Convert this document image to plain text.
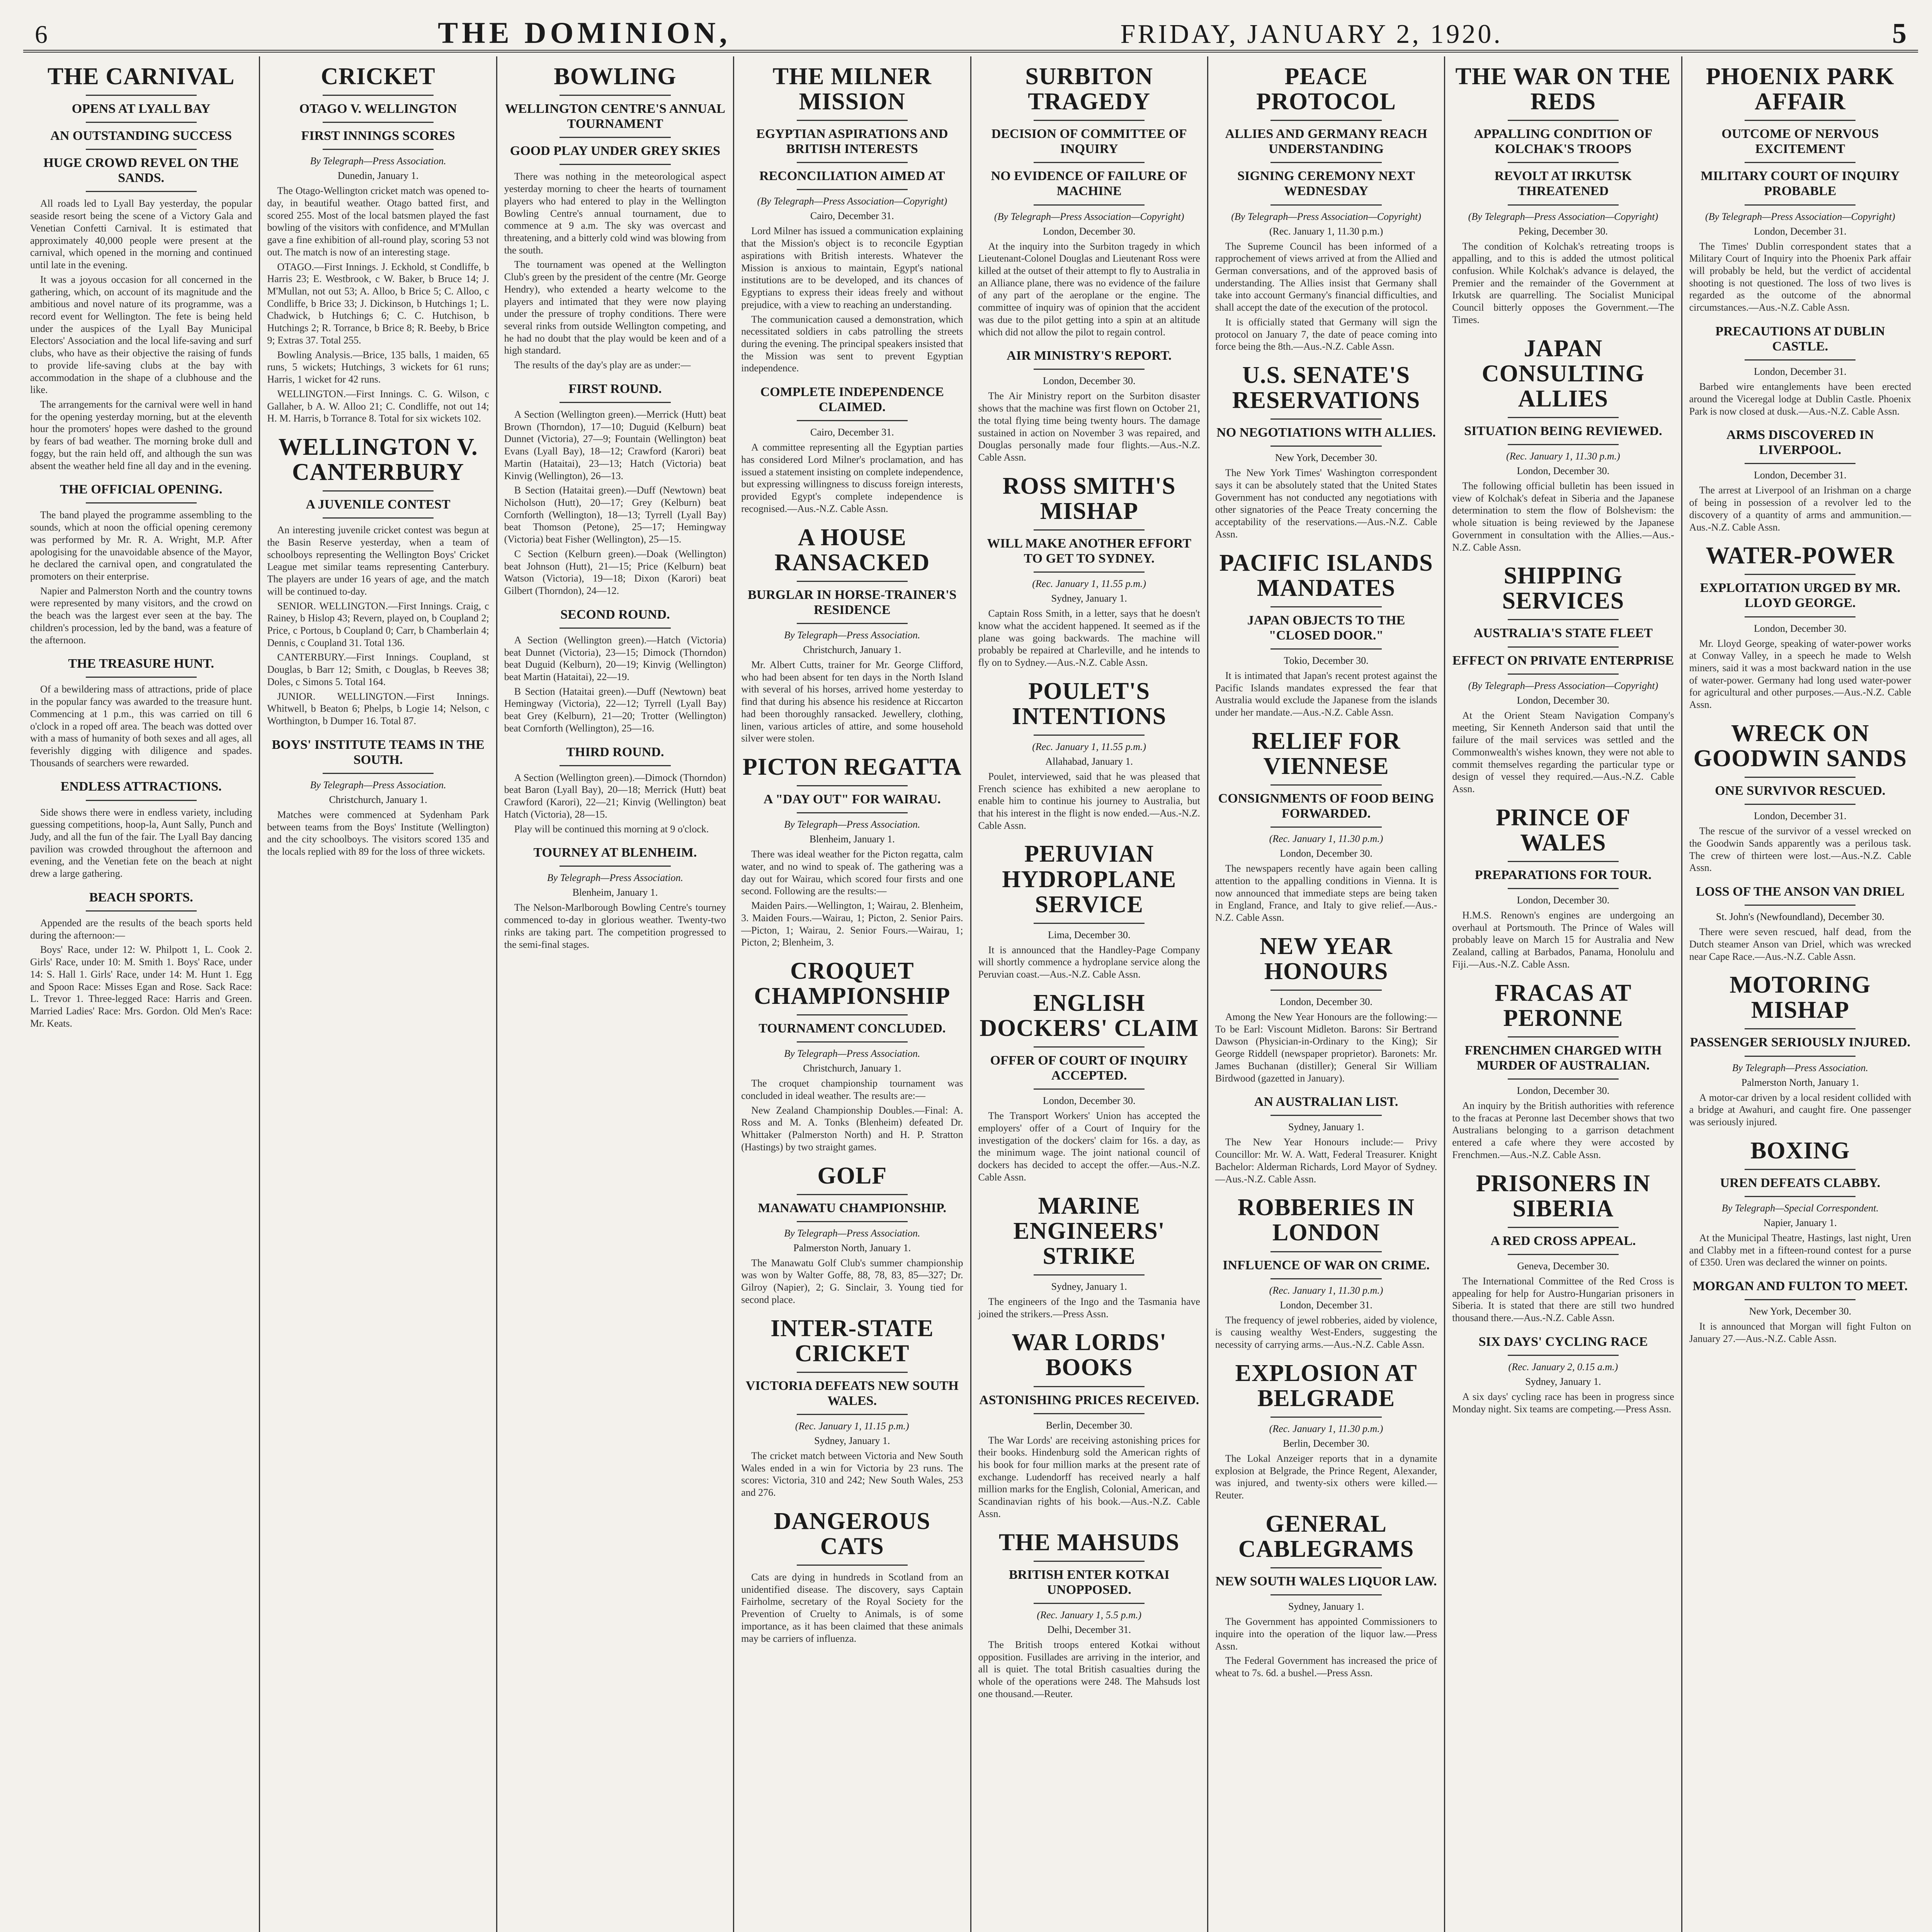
6	THE DOMINION,	FRIDAY, JANUARY 2, 1920.	5
THE CARNIVAL
OPENS AT LYALL BAY
AN OUTSTANDING SUCCESS
HUGE CROWD REVEL ON THE SANDS.

All roads led to Lyall Bay yesterday, the popular seaside resort being the scene of a Victory Gala and Venetian Confetti Carnival. It is estimated that approximately 40,000 people were present at the carnival, which opened in the morning and continued until late in the evening.

It was a joyous occasion for all concerned in the gathering, which, on account of its magnitude and the ambitious and novel nature of its programme, was a record event for Wellington. The fete is being held under the auspices of the Lyall Bay Municipal Electors' Association and the local life-saving and surf clubs, who have as their objective the raising of funds to provide life-saving clubs at the bay with accommodation in the shape of a clubhouse and the like.

The arrangements for the carnival were well in hand for the opening yesterday morning, but at the eleventh hour the promoters' hopes were dashed to the ground by fears of bad weather. The morning broke dull and foggy, but the rain held off, and although the sun was absent the weather held fine all day and in the evening.

THE OFFICIAL OPENING.

The band played the programme assembling to the sounds, which at noon the official opening ceremony was performed by Mr. R. A. Wright, M.P. After apologising for the unavoidable absence of the Mayor, he declared the carnival open, and congratulated the promoters on their enterprise.

Napier and Palmerston North and the country towns were represented by many visitors, and the crowd on the beach was the largest ever seen at the bay. The children's procession, led by the band, was a feature of the afternoon.

THE TREASURE HUNT.

Of a bewildering mass of attractions, pride of place in the popular fancy was awarded to the treasure hunt. Commencing at 1 p.m., this was carried on till 6 o'clock in a roped off area. The beach was dotted over with a mass of humanity of both sexes and all ages, all feverishly digging with diligence and spades. Thousands of searchers were rewarded.

ENDLESS ATTRACTIONS.

Side shows there were in endless variety, including guessing competitions, hoop-la, Aunt Sally, Punch and Judy, and all the fun of the fair. The Lyall Bay dancing pavilion was crowded throughout the afternoon and evening, and the Venetian fete on the beach at night drew a large gathering.

BEACH SPORTS.

Appended are the results of the beach sports held during the afternoon:—

Boys' Race, under 12: W. Philpott 1, L. Cook 2. Girls' Race, under 10: M. Smith 1. Boys' Race, under 14: S. Hall 1. Girls' Race, under 14: M. Hunt 1. Egg and Spoon Race: Misses Egan and Rose. Sack Race: L. Trevor 1. Three-legged Race: Harris and Green. Married Ladies' Race: Mrs. Gordon. Old Men's Race: Mr. Keats.

CRICKET
OTAGO V. WELLINGTON
FIRST INNINGS SCORES
By Telegraph—Press Association.
Dunedin, January 1.

The Otago-Wellington cricket match was opened to-day, in beautiful weather. Otago batted first, and scored 255. Most of the local batsmen played the fast bowling of the visitors with confidence, and M'Mullan gave a fine exhibition of all-round play, scoring 53 not out. The match is now of an interesting stage.

OTAGO.—First Innings. J. Eckhold, st Condliffe, b Harris 23; E. Westbrook, c W. Baker, b Bruce 14; J. M'Mullan, not out 53; A. Alloo, b Brice 5; C. Alloo, c Condliffe, b Brice 33; J. Dickinson, b Hutchings 1; L. Chadwick, b Hutchings 6; C. C. Hutchison, b Hutchings 2; R. Torrance, b Brice 8; R. Beeby, b Brice 9; Extras 37. Total 255.

Bowling Analysis.—Brice, 135 balls, 1 maiden, 65 runs, 5 wickets; Hutchings, 3 wickets for 61 runs; Harris, 1 wicket for 42 runs.

WELLINGTON.—First Innings. C. G. Wilson, c Gallaher, b A. W. Alloo 21; C. Condliffe, not out 14; H. M. Harris, b Torrance 8. Total for six wickets 102.

WELLINGTON V. CANTERBURY
A JUVENILE CONTEST

An interesting juvenile cricket contest was begun at the Basin Reserve yesterday, when a team of schoolboys representing the Wellington Boys' Cricket League met similar teams representing Canterbury. The players are under 16 years of age, and the match will be continued to-day.

SENIOR. WELLINGTON.—First Innings. Craig, c Rainey, b Hislop 43; Revern, played on, b Coupland 2; Price, c Portous, b Coupland 0; Carr, b Chamberlain 4; Dennis, c Coupland 31. Total 136.

CANTERBURY.—First Innings. Coupland, st Douglas, b Barr 12; Smith, c Douglas, b Reeves 38; Doles, c Simons 5. Total 164.

JUNIOR. WELLINGTON.—First Innings. Whitwell, b Beaton 6; Phelps, b Logie 14; Nelson, c Worthington, b Dumper 16. Total 87.

BOYS' INSTITUTE TEAMS IN THE SOUTH.
By Telegraph—Press Association.
Christchurch, January 1.

Matches were commenced at Sydenham Park between teams from the Boys' Institute (Wellington) and the city schoolboys. The visitors scored 135 and the locals replied with 89 for the loss of three wickets.

BOWLING
WELLINGTON CENTRE'S ANNUAL TOURNAMENT
GOOD PLAY UNDER GREY SKIES

There was nothing in the meteorological aspect yesterday morning to cheer the hearts of tournament players who had entered to play in the Wellington Bowling Centre's annual tournament, due to commence at 9 a.m. The sky was overcast and threatening, and a bitterly cold wind was blowing from the south.

The tournament was opened at the Wellington Club's green by the president of the centre (Mr. George Hendry), who extended a hearty welcome to the players and intimated that they were now playing under the pressure of trophy conditions. There were several rinks from outside Wellington competing, and he had no doubt that the play would be keen and of a high standard.

The results of the day's play are as under:—

FIRST ROUND.

A Section (Wellington green).—Merrick (Hutt) beat Brown (Thorndon), 17—10; Duguid (Kelburn) beat Dunnet (Victoria), 27—9; Fountain (Wellington) beat Evans (Lyall Bay), 18—12; Crawford (Karori) beat Martin (Hataitai), 23—13; Hatch (Victoria) beat Kinvig (Wellington), 26—13.

B Section (Hataitai green).—Duff (Newtown) beat Nicholson (Hutt), 20—17; Grey (Kelburn) beat Cornforth (Wellington), 18—13; Tyrrell (Lyall Bay) beat Thomson (Petone), 25—17; Hemingway (Victoria) beat Fisher (Wellington), 25—15.

C Section (Kelburn green).—Doak (Wellington) beat Johnson (Hutt), 21—15; Price (Kelburn) beat Watson (Victoria), 19—18; Dixon (Karori) beat Gilbert (Thorndon), 24—12.

SECOND ROUND.

A Section (Wellington green).—Hatch (Victoria) beat Dunnet (Victoria), 23—15; Dimock (Thorndon) beat Duguid (Kelburn), 20—19; Kinvig (Wellington) beat Martin (Hataitai), 22—19.

B Section (Hataitai green).—Duff (Newtown) beat Hemingway (Victoria), 22—12; Tyrrell (Lyall Bay) beat Grey (Kelburn), 21—20; Trotter (Wellington) beat Cornforth (Wellington), 25—16.

THIRD ROUND.

A Section (Wellington green).—Dimock (Thorndon) beat Baron (Lyall Bay), 20—18; Merrick (Hutt) beat Crawford (Karori), 22—21; Kinvig (Wellington) beat Hatch (Victoria), 28—15.

Play will be continued this morning at 9 o'clock.

TOURNEY AT BLENHEIM.
By Telegraph—Press Association.
Blenheim, January 1.

The Nelson-Marlborough Bowling Centre's tourney commenced to-day in glorious weather. Twenty-two rinks are taking part. The competition progressed to the semi-final stages.

THE MILNER MISSION
EGYPTIAN ASPIRATIONS AND BRITISH INTERESTS
RECONCILIATION AIMED AT
(By Telegraph—Press Association—Copyright)
Cairo, December 31.

Lord Milner has issued a communication explaining that the Mission's object is to reconcile Egyptian aspirations with British interests. Whatever the Mission is anxious to maintain, Egypt's national institutions are to be developed, and its chances of Egyptians to express their ideas freely and without prejudice, with a view to reaching an understanding.

The communication caused a demonstration, which necessitated soldiers in cabs patrolling the streets during the evening. The principal speakers insisted that the Mission was sent to prevent Egyptian independence.

COMPLETE INDEPENDENCE CLAIMED.
Cairo, December 31.

A committee representing all the Egyptian parties has considered Lord Milner's proclamation, and has issued a statement insisting on complete independence, but expressing willingness to discuss foreign interests, provided Egypt's complete independence is recognised.—Aus.-N.Z. Cable Assn.

A HOUSE RANSACKED
BURGLAR IN HORSE-TRAINER'S RESIDENCE
By Telegraph—Press Association.
Christchurch, January 1.

Mr. Albert Cutts, trainer for Mr. George Clifford, who had been absent for ten days in the North Island with several of his horses, arrived home yesterday to find that during his absence his residence at Riccarton had been thoroughly ransacked. Jewellery, clothing, linen, various articles of attire, and some household silver were stolen.

PICTON REGATTA
A "DAY OUT" FOR WAIRAU.
By Telegraph—Press Association.
Blenheim, January 1.

There was ideal weather for the Picton regatta, calm water, and no wind to speak of. The gathering was a day out for Wairau, which scored four firsts and one second. Following are the results:—

Maiden Pairs.—Wellington, 1; Wairau, 2. Blenheim, 3. Maiden Fours.—Wairau, 1; Picton, 2. Senior Pairs.—Picton, 1; Wairau, 2. Senior Fours.—Wairau, 1; Picton, 2; Blenheim, 3.

CROQUET CHAMPIONSHIP
TOURNAMENT CONCLUDED.
By Telegraph—Press Association.
Christchurch, January 1.

The croquet championship tournament was concluded in ideal weather. The results are:—

New Zealand Championship Doubles.—Final: A. Ross and M. A. Tonks (Blenheim) defeated Dr. Whittaker (Palmerston North) and H. P. Stratton (Hastings) by two straight games.

GOLF
MANAWATU CHAMPIONSHIP.
By Telegraph—Press Association.
Palmerston North, January 1.

The Manawatu Golf Club's summer championship was won by Walter Goffe, 88, 78, 83, 85—327; Dr. Gilroy (Napier), 2; G. Sinclair, 3. Young tied for second place.

INTER-STATE CRICKET
VICTORIA DEFEATS NEW SOUTH WALES.
(Rec. January 1, 11.15 p.m.)
Sydney, January 1.

The cricket match between Victoria and New South Wales ended in a win for Victoria by 23 runs. The scores: Victoria, 310 and 242; New South Wales, 253 and 276.

DANGEROUS CATS

Cats are dying in hundreds in Scotland from an unidentified disease. The discovery, says Captain Fairholme, secretary of the Royal Society for the Prevention of Cruelty to Animals, is of some importance, as it has been claimed that these animals may be carriers of influenza.

SURBITON TRAGEDY
DECISION OF COMMITTEE OF INQUIRY
NO EVIDENCE OF FAILURE OF MACHINE
(By Telegraph—Press Association—Copyright)
London, December 30.

At the inquiry into the Surbiton tragedy in which Lieutenant-Colonel Douglas and Lieutenant Ross were killed at the outset of their attempt to fly to Australia in an Alliance plane, there was no evidence of the failure of any part of the aeroplane or the engine. The committee of inquiry was of opinion that the accident was due to the pilot getting into a spin at an altitude which did not allow the pilot to regain control.

AIR MINISTRY'S REPORT.
London, December 30.

The Air Ministry report on the Surbiton disaster shows that the machine was first flown on October 21, the total flying time being twenty hours. The damage sustained in action on November 3 was repaired, and Douglas personally made four flights.—Aus.-N.Z. Cable Assn.

ROSS SMITH'S MISHAP
WILL MAKE ANOTHER EFFORT TO GET TO SYDNEY.
(Rec. January 1, 11.55 p.m.)
Sydney, January 1.

Captain Ross Smith, in a letter, says that he doesn't know what the accident happened. It seemed as if the plane was going backwards. The machine will probably be repaired at Charleville, and he intends to fly on to Sydney.—Aus.-N.Z. Cable Assn.

POULET'S INTENTIONS
(Rec. January 1, 11.55 p.m.)
Allahabad, January 1.

Poulet, interviewed, said that he was pleased that French science has exhibited a new aeroplane to enable him to continue his journey to Australia, but that his interest in the flight is now ended.—Aus.-N.Z. Cable Assn.

PERUVIAN HYDROPLANE SERVICE
Lima, December 30.

It is announced that the Handley-Page Company will shortly commence a hydroplane service along the Peruvian coast.—Aus.-N.Z. Cable Assn.

ENGLISH DOCKERS' CLAIM
OFFER OF COURT OF INQUIRY ACCEPTED.
London, December 30.

The Transport Workers' Union has accepted the employers' offer of a Court of Inquiry for the investigation of the dockers' claim for 16s. a day, as the minimum wage. The joint national council of dockers has decided to accept the offer.—Aus.-N.Z. Cable Assn.

MARINE ENGINEERS' STRIKE
Sydney, January 1.

The engineers of the Ingo and the Tasmania have joined the strikers.—Press Assn.

WAR LORDS' BOOKS
ASTONISHING PRICES RECEIVED.
Berlin, December 30.

The War Lords' are receiving astonishing prices for their books. Hindenburg sold the American rights of his book for four million marks at the present rate of exchange. Ludendorff has received nearly a half million marks for the English, Colonial, American, and Scandinavian rights of his book.—Aus.-N.Z. Cable Assn.

THE MAHSUDS
BRITISH ENTER KOTKAI UNOPPOSED.
(Rec. January 1, 5.5 p.m.)
Delhi, December 31.

The British troops entered Kotkai without opposition. Fusillades are arriving in the interior, and all is quiet. The total British casualties during the whole of the operations were 248. The Mahsuds lost one thousand.—Reuter.

PEACE PROTOCOL
ALLIES AND GERMANY REACH UNDERSTANDING
SIGNING CEREMONY NEXT WEDNESDAY
(By Telegraph—Press Association—Copyright)
(Rec. January 1, 11.30 p.m.)

The Supreme Council has been informed of a rapprochement of views arrived at from the Allied and German conversations, and of the approved basis of understanding. The Allies insist that Germany shall take into account Germany's financial difficulties, and shall accept the date of the execution of the protocol.

It is officially stated that Germany will sign the protocol on January 7, the date of peace coming into force being the 8th.—Aus.-N.Z. Cable Assn.

U.S. SENATE'S RESERVATIONS
NO NEGOTIATIONS WITH ALLIES.
New York, December 30.

The New York Times' Washington correspondent says it can be absolutely stated that the United States Government has not conducted any negotiations with other signatories of the Peace Treaty concerning the acceptability of the reservations.—Aus.-N.Z. Cable Assn.

PACIFIC ISLANDS MANDATES
JAPAN OBJECTS TO THE "CLOSED DOOR."
Tokio, December 30.

It is intimated that Japan's recent protest against the Pacific Islands mandates expressed the fear that Australia would exclude the Japanese from the islands under her mandate.—Aus.-N.Z. Cable Assn.

RELIEF FOR VIENNESE
CONSIGNMENTS OF FOOD BEING FORWARDED.
(Rec. January 1, 11.30 p.m.)
London, December 30.

The newspapers recently have again been calling attention to the appalling conditions in Vienna. It is now announced that immediate steps are being taken in England, France, and Italy to give relief.—Aus.-N.Z. Cable Assn.

NEW YEAR HONOURS
London, December 30.

Among the New Year Honours are the following:— To be Earl: Viscount Midleton. Barons: Sir Bertrand Dawson (Physician-in-Ordinary to the King); Sir George Riddell (newspaper proprietor). Baronets: Mr. James Buchanan (distiller); General Sir William Birdwood (gazetted in January).

AN AUSTRALIAN LIST.
Sydney, January 1.

The New Year Honours include:— Privy Councillor: Mr. W. A. Watt, Federal Treasurer. Knight Bachelor: Alderman Richards, Lord Mayor of Sydney.—Aus.-N.Z. Cable Assn.

ROBBERIES IN LONDON
INFLUENCE OF WAR ON CRIME.
(Rec. January 1, 11.30 p.m.)
London, December 31.

The frequency of jewel robberies, aided by violence, is causing wealthy West-Enders, suggesting the necessity of carrying arms.—Aus.-N.Z. Cable Assn.

EXPLOSION AT BELGRADE
(Rec. January 1, 11.30 p.m.)
Berlin, December 30.

The Lokal Anzeiger reports that in a dynamite explosion at Belgrade, the Prince Regent, Alexander, was injured, and twenty-six others were killed.—Reuter.

GENERAL CABLEGRAMS
NEW SOUTH WALES LIQUOR LAW.
Sydney, January 1.

The Government has appointed Commissioners to inquire into the operation of the liquor law.—Press Assn.

The Federal Government has increased the price of wheat to 7s. 6d. a bushel.—Press Assn.

THE WAR ON THE REDS
APPALLING CONDITION OF KOLCHAK'S TROOPS
REVOLT AT IRKUTSK THREATENED
(By Telegraph—Press Association—Copyright)
Peking, December 30.

The condition of Kolchak's retreating troops is appalling, and to this is added the utmost political confusion. While Kolchak's advance is delayed, the Premier and the remainder of the Government at Irkutsk are quarrelling. The Socialist Municipal Council bitterly opposes the Government.—The Times.

JAPAN CONSULTING ALLIES
SITUATION BEING REVIEWED.
(Rec. January 1, 11.30 p.m.)
London, December 30.

The following official bulletin has been issued in view of Kolchak's defeat in Siberia and the Japanese determination to stem the flow of Bolshevism: the whole situation is being reviewed by the Japanese Government in consultation with the Allies.—Aus.-N.Z. Cable Assn.

SHIPPING SERVICES
AUSTRALIA'S STATE FLEET
EFFECT ON PRIVATE ENTERPRISE
(By Telegraph—Press Association—Copyright)
London, December 30.

At the Orient Steam Navigation Company's meeting, Sir Kenneth Anderson said that until the failure of the mail services was settled and the Commonwealth's wishes known, they were not able to commit themselves regarding the particular type or design of vessel they required.—Aus.-N.Z. Cable Assn.

PRINCE OF WALES
PREPARATIONS FOR TOUR.
London, December 30.

H.M.S. Renown's engines are undergoing an overhaul at Portsmouth. The Prince of Wales will probably leave on March 15 for Australia and New Zealand, calling at Barbados, Panama, Honolulu and Fiji.—Aus.-N.Z. Cable Assn.

FRACAS AT PERONNE
FRENCHMEN CHARGED WITH MURDER OF AUSTRALIAN.
London, December 30.

An inquiry by the British authorities with reference to the fracas at Peronne last December shows that two Australians belonging to a garrison detachment entered a cafe where they were accosted by Frenchmen.—Aus.-N.Z. Cable Assn.

PRISONERS IN SIBERIA
A RED CROSS APPEAL.
Geneva, December 30.

The International Committee of the Red Cross is appealing for help for Austro-Hungarian prisoners in Siberia. It is stated that there are still two hundred thousand there.—Aus.-N.Z. Cable Assn.

SIX DAYS' CYCLING RACE
(Rec. January 2, 0.15 a.m.)
Sydney, January 1.

A six days' cycling race has been in progress since Monday night. Six teams are competing.—Press Assn.

PHOENIX PARK AFFAIR
OUTCOME OF NERVOUS EXCITEMENT
MILITARY COURT OF INQUIRY PROBABLE
(By Telegraph—Press Association—Copyright)
London, December 31.

The Times' Dublin correspondent states that a Military Court of Inquiry into the Phoenix Park affair will probably be held, but the verdict of accidental shooting is not questioned. The loss of two lives is regarded as the outcome of the abnormal circumstances.—Aus.-N.Z. Cable Assn.

PRECAUTIONS AT DUBLIN CASTLE.
London, December 31.

Barbed wire entanglements have been erected around the Viceregal lodge at Dublin Castle. Phoenix Park is now closed at dusk.—Aus.-N.Z. Cable Assn.

ARMS DISCOVERED IN LIVERPOOL.
London, December 31.

The arrest at Liverpool of an Irishman on a charge of being in possession of a revolver led to the discovery of a quantity of arms and ammunition.—Aus.-N.Z. Cable Assn.

WATER-POWER
EXPLOITATION URGED BY MR. LLOYD GEORGE.
London, December 30.

Mr. Lloyd George, speaking of water-power works at Conway Valley, in a speech he made to Welsh miners, said it was a most backward nation in the use of water-power. Germany had long used water-power for agricultural and other purposes.—Aus.-N.Z. Cable Assn.

WRECK ON GOODWIN SANDS
ONE SURVIVOR RESCUED.
London, December 31.

The rescue of the survivor of a vessel wrecked on the Goodwin Sands apparently was a perilous task. The crew of thirteen were lost.—Aus.-N.Z. Cable Assn.

LOSS OF THE ANSON VAN DRIEL
St. John's (Newfoundland), December 30.

There were seven rescued, half dead, from the Dutch steamer Anson van Driel, which was wrecked near Cape Race.—Aus.-N.Z. Cable Assn.

MOTORING MISHAP
PASSENGER SERIOUSLY INJURED.
By Telegraph—Press Association.
Palmerston North, January 1.

A motor-car driven by a local resident collided with a bridge at Awahuri, and caught fire. One passenger was seriously injured.

BOXING
UREN DEFEATS CLABBY.
By Telegraph—Special Correspondent.
Napier, January 1.

At the Municipal Theatre, Hastings, last night, Uren and Clabby met in a fifteen-round contest for a purse of £350. Uren was declared the winner on points.

MORGAN AND FULTON TO MEET.
New York, December 30.

It is announced that Morgan will fight Fulton on January 27.—Aus.-N.Z. Cable Assn.
